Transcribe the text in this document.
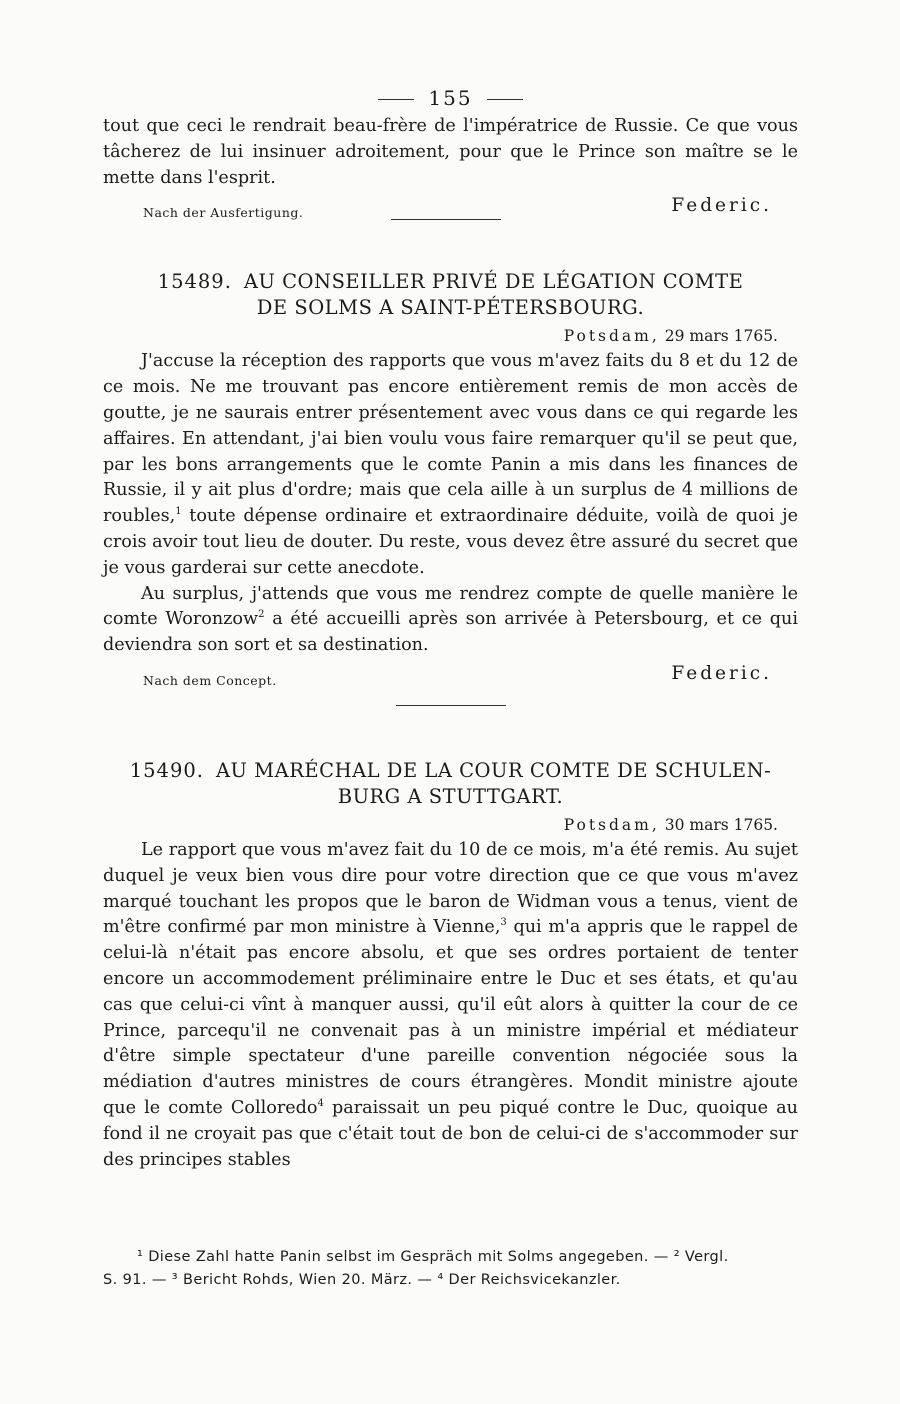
155

tout que ceci le rendrait beau-frère de l'impératrice de Russie. Ce que vous tâcherez de lui insinuer adroitement, pour que le Prince son maître se le mette dans l'esprit.

Nach der Ausfertigung.	Federic.
15489. AU CONSEILLER PRIVÉ DE LÉGATION COMTE
DE SOLMS A SAINT-PÉTERSBOURG.
Potsdam, 29 mars 1765.

J'accuse la réception des rapports que vous m'avez faits du 8 et du 12 de ce mois. Ne me trouvant pas encore entièrement remis de mon accès de goutte, je ne saurais entrer présentement avec vous dans ce qui regarde les affaires. En attendant, j'ai bien voulu vous faire remarquer qu'il se peut que, par les bons arrangements que le comte Panin a mis dans les finances de Russie, il y ait plus d'ordre; mais que cela aille à un surplus de 4 millions de roubles,$^1$ toute dépense ordinaire et extraordinaire déduite, voilà de quoi je crois avoir tout lieu de douter. Du reste, vous devez être assuré du secret que je vous garderai sur cette anecdote.

Au surplus, j'attends que vous me rendrez compte de quelle manière le comte Woronzow$^2$ a été accueilli après son arrivée à Petersbourg, et ce qui deviendra son sort et sa destination.

Nach dem Concept.	Federic.
15490. AU MARÉCHAL DE LA COUR COMTE DE SCHULEN-

BURG A STUTTGART.
Potsdam, 30 mars 1765.

Le rapport que vous m'avez fait du 10 de ce mois, m'a été remis. Au sujet duquel je veux bien vous dire pour votre direction que ce que vous m'avez marqué touchant les propos que le baron de Widman vous a tenus, vient de m'être confirmé par mon ministre à Vienne,$^3$ qui m'a appris que le rappel de celui-là n'était pas encore absolu, et que ses ordres portaient de tenter encore un accommodement préliminaire entre le Duc et ses états, et qu'au cas que celui-ci vînt à manquer aussi, qu'il eût alors à quitter la cour de ce Prince, parcequ'il ne convenait pas à un ministre impérial et médiateur d'être simple spectateur d'une pareille convention négociée sous la médiation d'autres ministres de cours étrangères. Mondit ministre ajoute que le comte Colloredo$^4$ paraissait un peu piqué contre le Duc, quoique au fond il ne croyait pas que c'était tout de bon de celui-ci de s'accommoder sur des principes stables

¹ Diese Zahl hatte Panin selbst im Gespräch mit Solms angegeben. — ² Vergl.
S. 91. — ³ Bericht Rohds, Wien 20. März. — ⁴ Der Reichsvicekanzler.
